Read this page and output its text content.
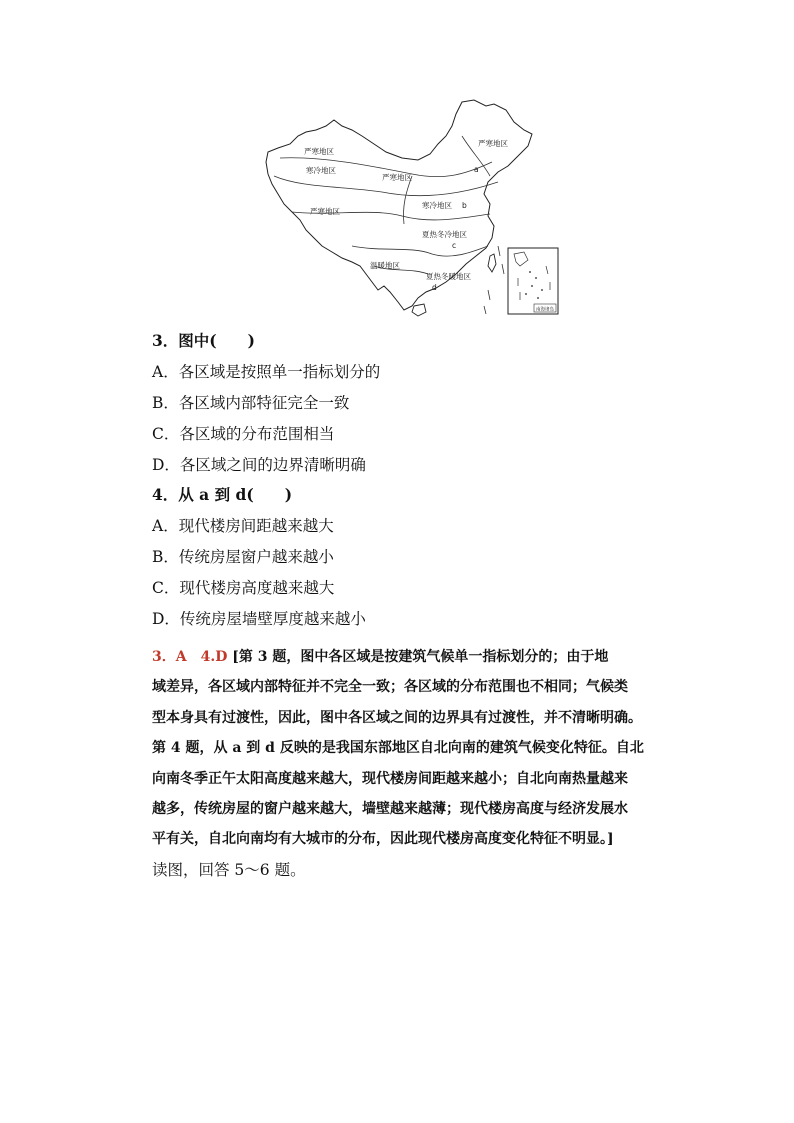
严寒地区
寒冷地区
严寒地区
严寒地区
严寒地区
寒冷地区
夏热冬冷地区
温暖地区
夏热冬暖地区
a
b
c
d
南海诸岛
3．图中(　　)
A．各区域是按照单一指标划分的
B．各区域内部特征完全一致
C．各区域的分布范围相当
D．各区域之间的边界清晰明确
4．从 a 到 d(　　)
A．现代楼房间距越来越大
B．传统房屋窗户越来越小
C．现代楼房高度越来越大
D．传统房屋墙壁厚度越来越小
3．A　4.D [第 3 题，图中各区域是按建筑气候单一指标划分的；由于地
域差异，各区域内部特征并不完全一致；各区域的分布范围也不相同；气候类
型本身具有过渡性，因此，图中各区域之间的边界具有过渡性，并不清晰明确。
第 4 题，从 a 到 d 反映的是我国东部地区自北向南的建筑气候变化特征。自北
向南冬季正午太阳高度越来越大，现代楼房间距越来越小；自北向南热量越来
越多，传统房屋的窗户越来越大，墙壁越来越薄；现代楼房高度与经济发展水
平有关，自北向南均有大城市的分布，因此现代楼房高度变化特征不明显。]
读图，回答 5～6 题。
